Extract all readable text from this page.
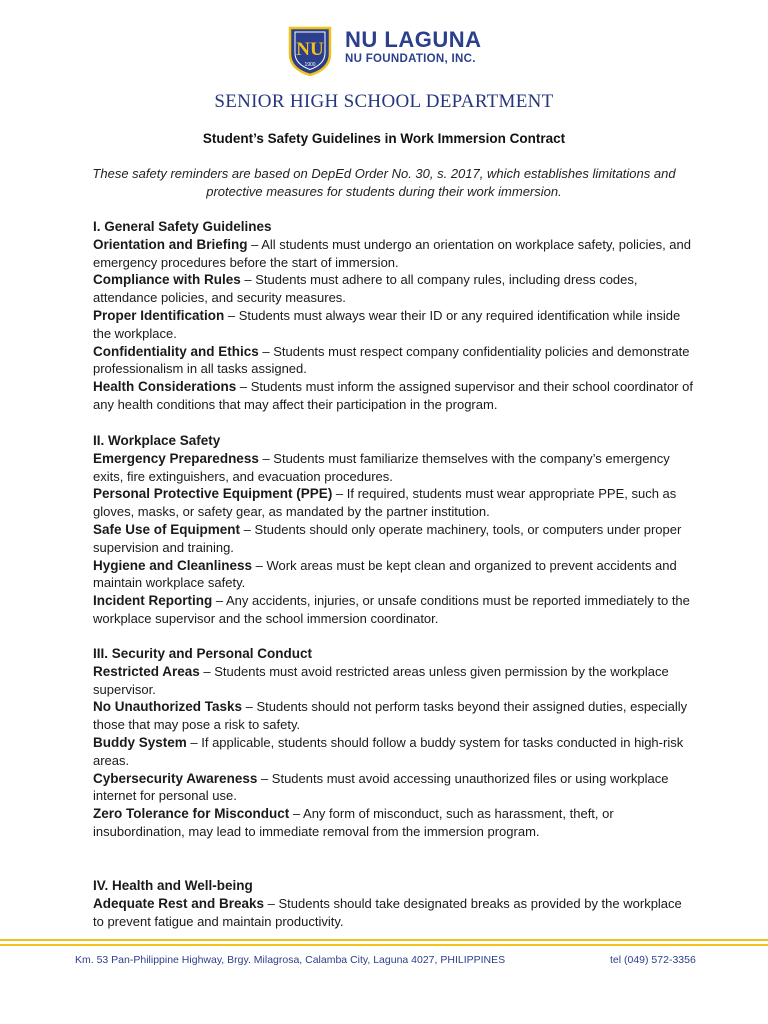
NU
1900
NU LAGUNA
NU FOUNDATION, INC.
SENIOR HIGH SCHOOL DEPARTMENT
Student’s Safety Guidelines in Work Immersion Contract
These safety reminders are based on DepEd Order No. 30, s. 2017, which establishes limitations and protective measures for students during their work immersion.

I. General Safety Guidelines

Orientation and Briefing – All students must undergo an orientation on workplace safety, policies, and emergency procedures before the start of immersion.

Compliance with Rules – Students must adhere to all company rules, including dress codes, attendance policies, and security measures.

Proper Identification – Students must always wear their ID or any required identification while inside the workplace.

Confidentiality and Ethics – Students must respect company confidentiality policies and demonstrate professionalism in all tasks assigned.

Health Considerations – Students must inform the assigned supervisor and their school coordinator of any health conditions that may affect their participation in the program.

II. Workplace Safety

Emergency Preparedness – Students must familiarize themselves with the company’s emergency exits, fire extinguishers, and evacuation procedures.

Personal Protective Equipment (PPE) – If required, students must wear appropriate PPE, such as gloves, masks, or safety gear, as mandated by the partner institution.

Safe Use of Equipment – Students should only operate machinery, tools, or computers under proper supervision and training.

Hygiene and Cleanliness – Work areas must be kept clean and organized to prevent accidents and maintain workplace safety.

Incident Reporting – Any accidents, injuries, or unsafe conditions must be reported immediately to the workplace supervisor and the school immersion coordinator.

III. Security and Personal Conduct

Restricted Areas – Students must avoid restricted areas unless given permission by the workplace supervisor.

No Unauthorized Tasks – Students should not perform tasks beyond their assigned duties, especially those that may pose a risk to safety.

Buddy System – If applicable, students should follow a buddy system for tasks conducted in high-risk areas.

Cybersecurity Awareness – Students must avoid accessing unauthorized files or using workplace internet for personal use.

Zero Tolerance for Misconduct – Any form of misconduct, such as harassment, theft, or insubordination, may lead to immediate removal from the immersion program.

IV. Health and Well-being

Adequate Rest and Breaks – Students should take designated breaks as provided by the workplace to prevent fatigue and maintain productivity.

Km. 53 Pan-Philippine Highway, Brgy. Milagrosa, Calamba City, Laguna 4027, PHILIPPINES	tel (049) 572-3356
